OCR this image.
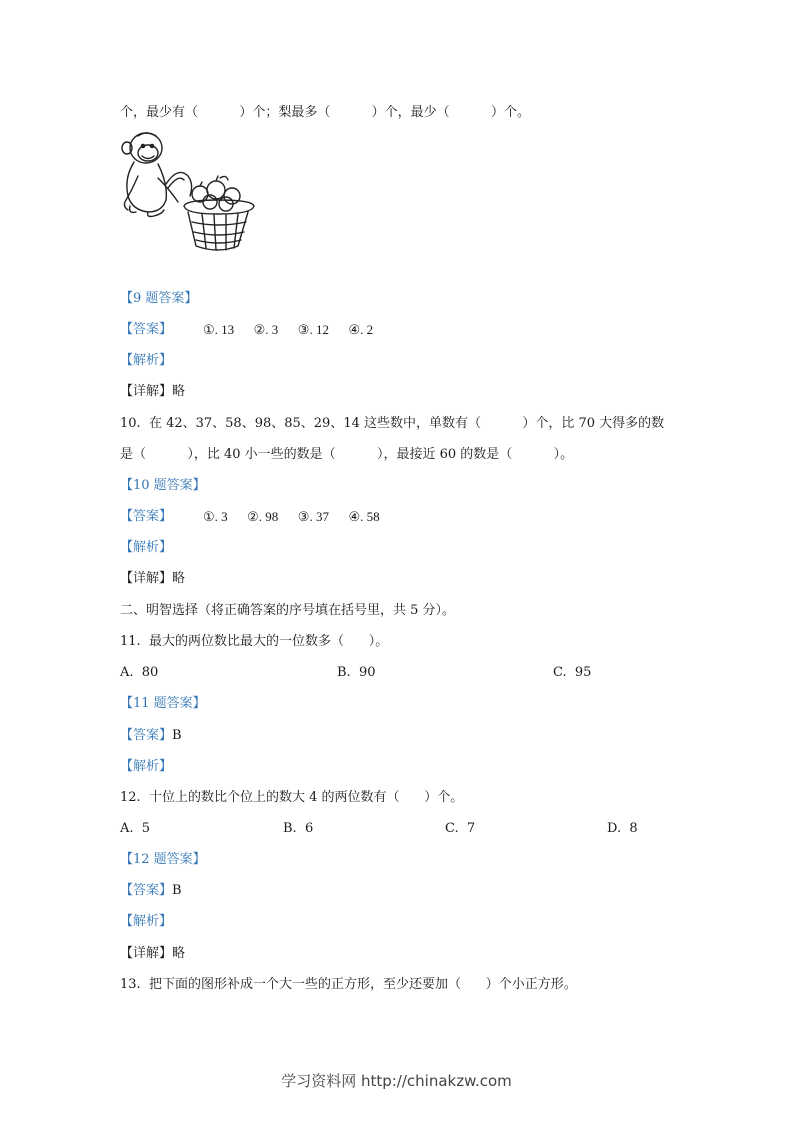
个，最少有（          ）个；梨最多（          ）个，最少（          ）个。
【9 题答案】
【答案】 ①. 13      ②. 3      ③. 12      ④. 2
【解析】
【详解】略
10.  在 42、37、58、98、85、29、14 这些数中，单数有（          ）个，比 70 大得多的数
是（          ），比 40 小一些的数是（          ），最接近 60 的数是（          ）。
【10 题答案】
【答案】 ①. 3      ②. 98      ③. 37      ④. 58
【解析】
【详解】略
二、明智选择（将正确答案的序号填在括号里，共 5 分）。
11.  最大的两位数比最大的一位数多（      ）。
A.  80	B.  90	C.  95
【11 题答案】
【答案】B
【解析】
12.  十位上的数比个位上的数大 4 的两位数有（      ）个。
A.  5	B.  6	C.  7	D.  8
【12 题答案】
【答案】B
【解析】
【详解】略
13.  把下面的图形补成一个大一些的正方形，至少还要加（      ）个小正方形。
学习资料网 http://chinakzw.com
